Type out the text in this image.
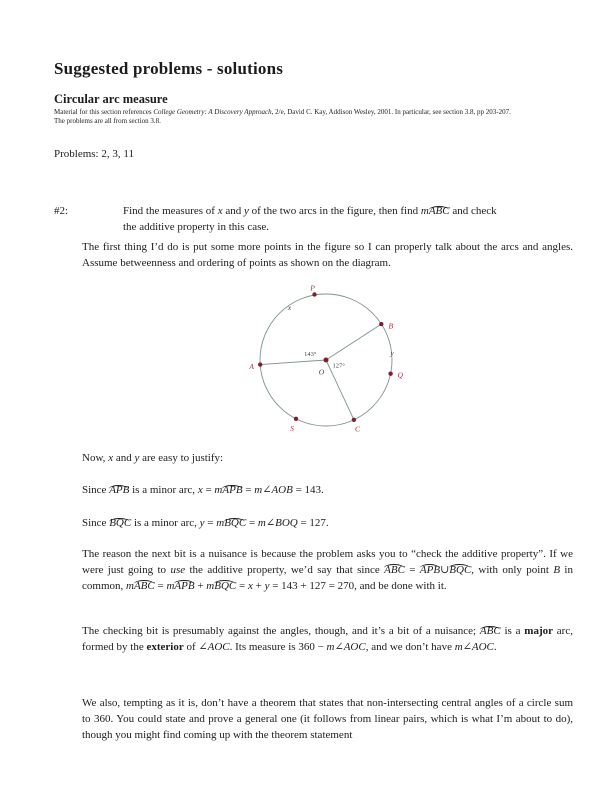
Suggested problems - solutions
Circular arc measure
Material for this section references College Geometry: A Discovery Approach, 2/e, David C. Kay, Addison Wesley, 2001. In particular, see section 3.8, pp 203-207.
The problems are all from section 3.8.
Problems: 2, 3, 11
#2:	Find the measures of x and y of the two arcs in the figure, then find mABC and check
the additive property in this case.
The first thing I’d do is put some more points in the figure so I can properly talk about the arcs and angles. Assume betweenness and ordering of points as shown on the diagram.
P
B
Q
C
S
A
O
143°
127°
x
y
Now, x and y are easy to justify:
Since APB is a minor arc, x = mAPB = m∠AOB = 143.
Since BQC is a minor arc, y = mBQC = m∠BOQ = 127.
The reason the next bit is a nuisance is because the problem asks you to “check the additive property”. If we were just going to use the additive property, we’d say that since ABC = APB∪BQC, with only point B in common, mABC = mAPB + mBQC = x + y = 143 + 127 = 270, and be done with it.
The checking bit is presumably against the angles, though, and it’s a bit of a nuisance; ABC is a major arc, formed by the exterior of ∠AOC. Its measure is 360 − m∠AOC, and we don’t have m∠AOC.
We also, tempting as it is, don’t have a theorem that states that non-intersecting central angles of a circle sum to 360. You could state and prove a general one (it follows from linear pairs, which is what I’m about to do), though you might find coming up with the theorem statement
